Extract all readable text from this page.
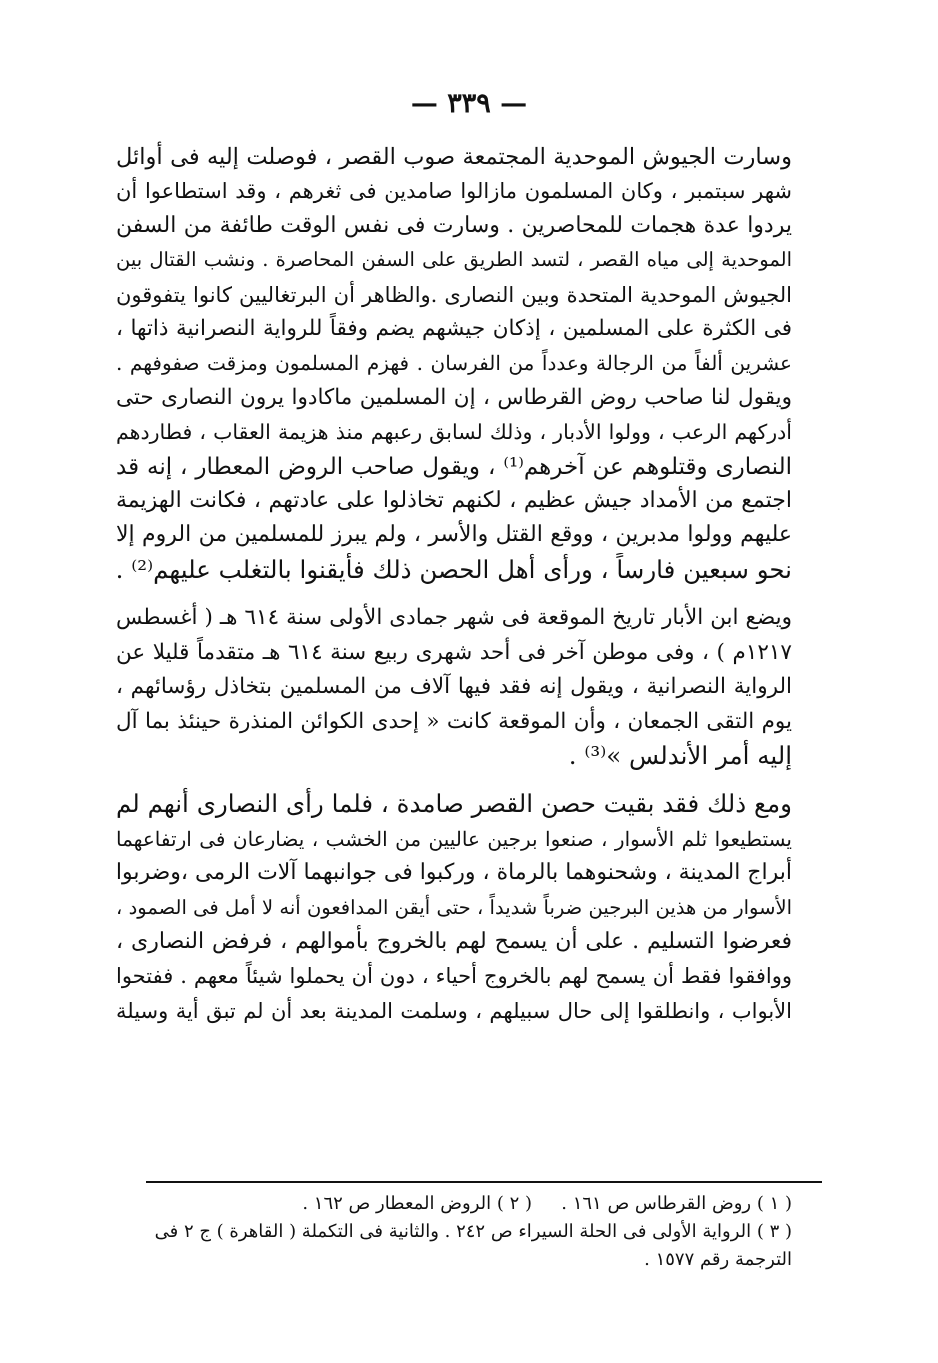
— ٣٣٩ —
وسارت الجيوش الموحدية المجتمعة صوب القصر ، فوصلت إليه فى أوائل
شهر سبتمبر ، وكان المسلمون مازالوا صامدين فى ثغرهم ، وقد استطاعوا أن
يردوا عدة هجمات للمحاصرين . وسارت فى نفس الوقت طائفة من السفن
الموحدية إلى مياه القصر ، لتسد الطريق على السفن المحاصرة . ونشب القتال بين
الجيوش الموحدية المتحدة وبين النصارى .والظاهر أن البرتغاليين كانوا يتفوقون
فى الكثرة على المسلمين ، إذكان جيشهم يضم وفقاً للرواية النصرانية ذاتها ،
عشرين ألفاً من الرجالة وعدداً من الفرسان . فهزم المسلمون ومزقت صفوفهم .
ويقول لنا صاحب روض القرطاس ، إن المسلمين ماكادوا يرون النصارى حتى
أدركهم الرعب ، وولوا الأدبار ، وذلك لسابق رعبهم منذ هزيمة العقاب ، فطاردهم
النصارى وقتلوهم عن آخرهم⁽¹⁾ ، ويقول صاحب الروض المعطار ، إنه قد
اجتمع من الأمداد جيش عظيم ، لكنهم تخاذلوا على عادتهم ، فكانت الهزيمة
عليهم وولوا مدبرين ، ووقع القتل والأسر ، ولم يبرز للمسلمين من الروم إلا
نحو سبعين فارساً ، ورأى أهل الحصن ذلك فأيقنوا بالتغلب عليهم⁽²⁾ .
ويضع ابن الأبار تاريخ الموقعة فى شهر جمادى الأولى سنة ٦١٤ هـ ( أغسطس
١٢١٧م ) ، وفى موطن آخر فى أحد شهرى ربيع سنة ٦١٤ هـ متقدماً قليلا عن
الرواية النصرانية ، ويقول إنه فقد فيها آلاف من المسلمين بتخاذل رؤسائهم ،
يوم التقى الجمعان ، وأن الموقعة كانت « إحدى الكوائن المنذرة حينئذ بما آل
إليه أمر الأندلس »⁽³⁾ .
ومع ذلك فقد بقيت حصن القصر صامدة ، فلما رأى النصارى أنهم لم
يستطيعوا ثلم الأسوار ، صنعوا برجين عاليين من الخشب ، يضارعان فى ارتفاعهما
أبراج المدينة ، وشحنوهما بالرماة ، وركبوا فى جوانبهما آلات الرمى ،وضربوا
الأسوار من هذين البرجين ضرباً شديداً ، حتى أيقن المدافعون أنه لا أمل فى الصمود ،
فعرضوا التسليم . على أن يسمح لهم بالخروج بأموالهم ، فرفض النصارى ،
ووافقوا فقط أن يسمح لهم بالخروج أحياء ، دون أن يحملوا شيئاً معهم . ففتحوا
الأبواب ، وانطلقوا إلى حال سبيلهم ، وسلمت المدينة بعد أن لم تبق أية وسيلة
( ١ ) روض القرطاس ص ١٦١ .
( ٢ ) الروض المعطار ص ١٦٢ .
( ٣ ) الرواية الأولى فى الحلة السيراء ص ٢٤٢ . والثانية فى التكملة ( القاهرة ) ج ٢ فى
الترجمة رقم ١٥٧٧ .
